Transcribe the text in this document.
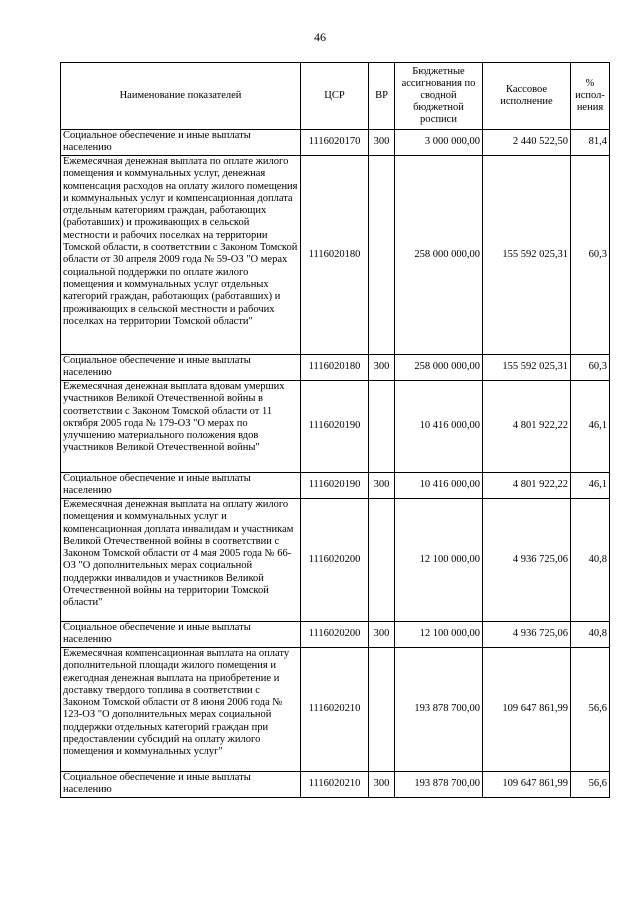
46
Наименование показателей	ЦСР	ВР	Бюджетные ассигнования по сводной бюджетной росписи	Кассовое исполнение	% испол-нения

Социальное обеспечение и иные выплаты населению	1116020170	300	3 000 000,00	2 440 522,50	81,4

Ежемесячная денежная выплата по оплате жилого помещения и коммунальных услуг, денежная компенсация расходов на оплату жилого помещения и коммунальных услуг и компенсационная доплата отдельным категориям граждан, работающих (работавших) и проживающих в сельской местности и рабочих поселках на территории Томской области, в соответствии с Законом Томской области от 30 апреля 2009 года № 59-ОЗ "О мерах социальной поддержки по оплате жилого помещения и коммунальных услуг отдельных категорий граждан, работающих (работавших) и проживающих в сельской местности и рабочих поселках на территории Томской области"	1116020180		258 000 000,00	155 592 025,31	60,3

Социальное обеспечение и иные выплаты населению	1116020180	300	258 000 000,00	155 592 025,31	60,3

Ежемесячная денежная выплата вдовам умерших участников Великой Отечественной войны в соответствии с Законом Томской области от 11 октября 2005 года № 179-ОЗ "О мерах по улучшению материального положения вдов участников Великой Отечественной войны"	1116020190		10 416 000,00	4 801 922,22	46,1

Социальное обеспечение и иные выплаты населению	1116020190	300	10 416 000,00	4 801 922,22	46,1

Ежемесячная денежная выплата на оплату жилого помещения и коммунальных услуг и компенсационная доплата инвалидам и участникам Великой Отечественной войны в соответствии с Законом Томской области от 4 мая 2005 года № 66-ОЗ "О дополнительных мерах социальной поддержки инвалидов и участников Великой Отечественной войны на территории Томской области"	1116020200		12 100 000,00	4 936 725,06	40,8

Социальное обеспечение и иные выплаты населению	1116020200	300	12 100 000,00	4 936 725,06	40,8

Ежемесячная компенсационная выплата на оплату дополнительной площади жилого помещения и ежегодная денежная выплата на приобретение и доставку твердого топлива в соответствии с Законом Томской области от 8 июня 2006 года № 123-ОЗ "О дополнительных мерах социальной поддержки отдельных категорий граждан при предоставлении субсидий на оплату жилого помещения и коммунальных услуг"	1116020210		193 878 700,00	109 647 861,99	56,6

Социальное обеспечение и иные выплаты населению	1116020210	300	193 878 700,00	109 647 861,99	56,6
